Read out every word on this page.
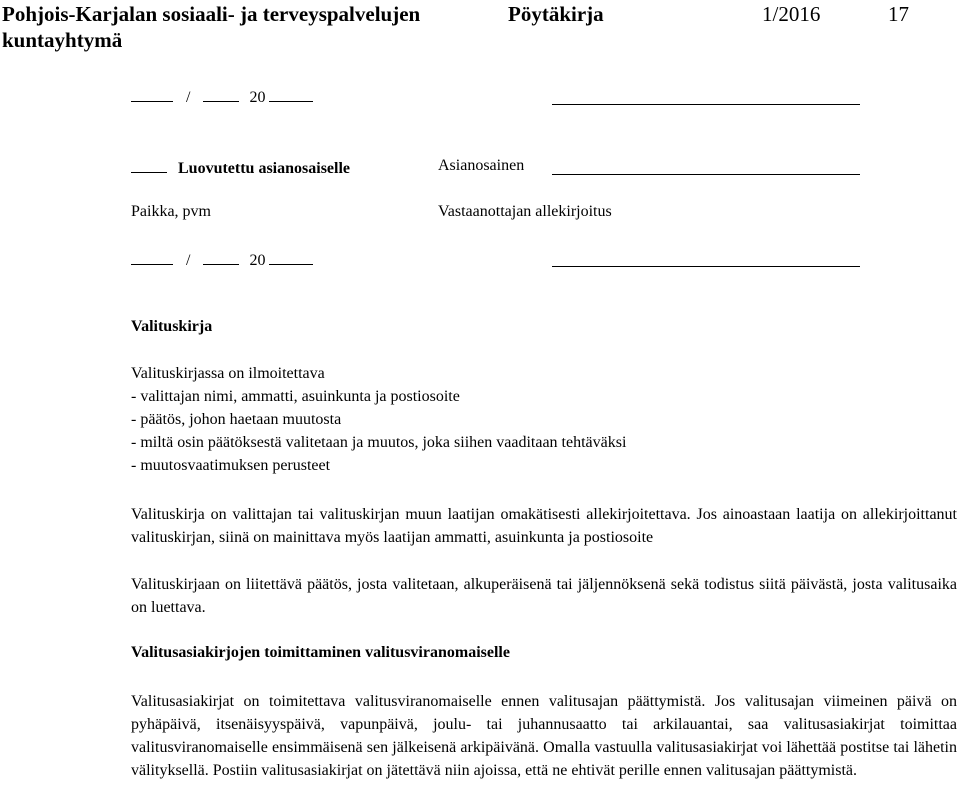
Pohjois-Karjalan sosiaali- ja terveyspalvelujen
kuntayhtymä
Pöytäkirja	1/2016	17
/	20
Luovutettu asianosaiselle	Asianosainen
Paikka, pvm	Vastaanottajan allekirjoitus
/	20
Valituskirja
Valituskirjassa on ilmoitettava
- valittajan nimi, ammatti, asuinkunta ja postiosoite
- päätös, johon haetaan muutosta
- miltä osin päätöksestä valitetaan ja muutos, joka siihen vaaditaan tehtäväksi
- muutosvaatimuksen perusteet
Valituskirja on valittajan tai valituskirjan muun laatijan omakätisesti allekirjoitettava. Jos ainoastaan laatija on allekirjoittanut valituskirjan, siinä on mainittava myös laatijan ammatti, asuinkunta ja postiosoite
Valituskirjaan on liitettävä päätös, josta valitetaan, alkuperäisenä tai jäljennöksenä sekä todistus siitä päivästä, josta valitusaika on luettava.
Valitusasiakirjojen toimittaminen valitusviranomaiselle
Valitusasiakirjat on toimitettava valitusviranomaiselle ennen valitusajan päättymistä. Jos valitusajan viimeinen päivä on pyhäpäivä, itsenäisyyspäivä, vapunpäivä, joulu- tai juhannusaatto tai arkilauantai, saa valitusasiakirjat toimittaa valitusviranomaiselle ensimmäisenä sen jälkeisenä arkipäivänä. Omalla vastuulla valitusasiakirjat voi lähettää postitse tai lähetin välityksellä. Postiin valitusasiakirjat on jätettävä niin ajoissa, että ne ehtivät perille ennen valitusajan päättymistä.
